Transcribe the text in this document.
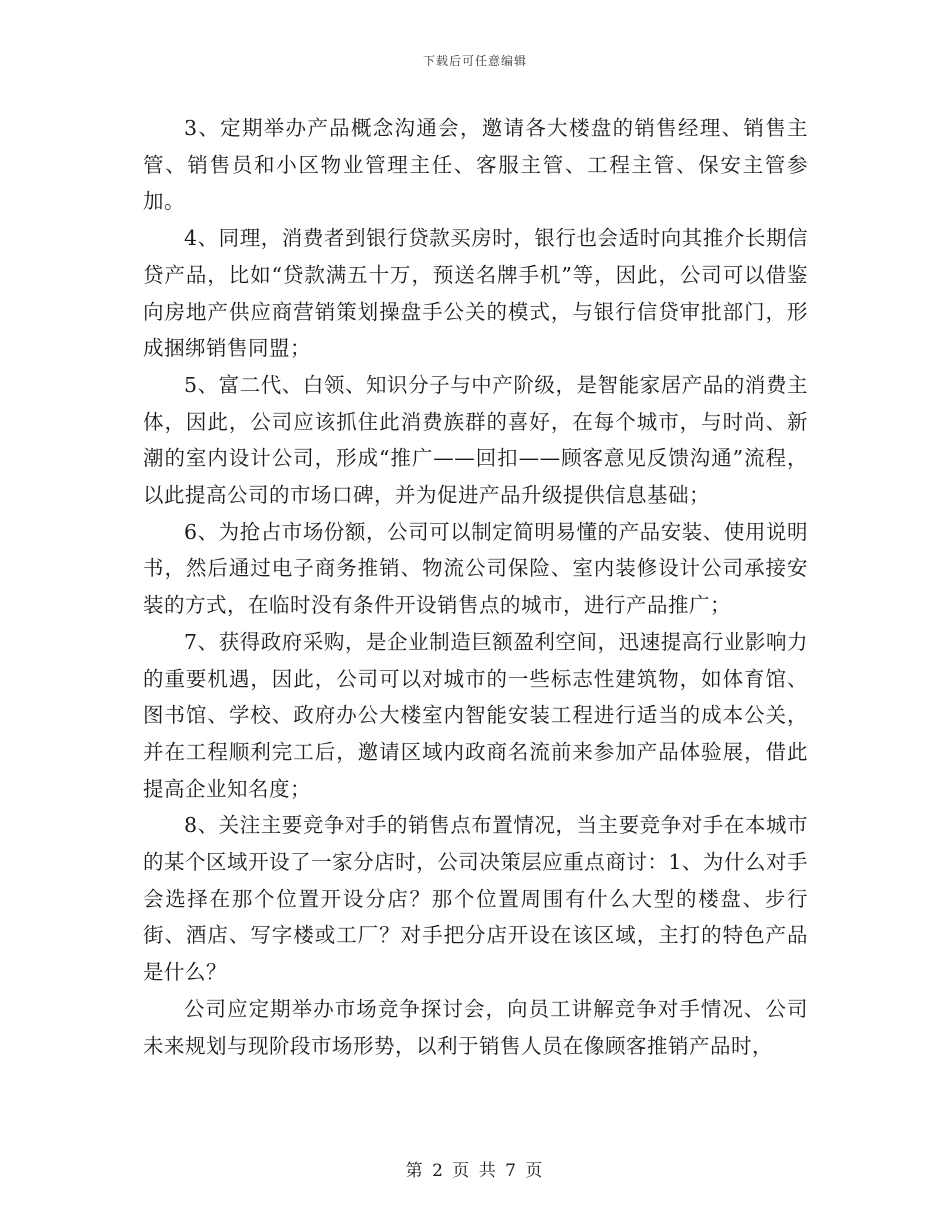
下载后可任意编辑

3、定期举办产品概念沟通会，邀请各大楼盘的销售经理、销售主管、销售员和小区物业管理主任、客服主管、工程主管、保安主管参加。

4、同理，消费者到银行贷款买房时，银行也会适时向其推介长期信贷产品，比如“贷款满五十万，预送名牌手机”等，因此，公司可以借鉴向房地产供应商营销策划操盘手公关的模式，与银行信贷审批部门，形成捆绑销售同盟；

5、富二代、白领、知识分子与中产阶级，是智能家居产品的消费主体，因此，公司应该抓住此消费族群的喜好，在每个城市，与时尚、新潮的室内设计公司，形成“推广——回扣——顾客意见反馈沟通”流程，以此提高公司的市场口碑，并为促进产品升级提供信息基础；

6、为抢占市场份额，公司可以制定简明易懂的产品安装、使用说明书，然后通过电子商务推销、物流公司保险、室内装修设计公司承接安装的方式，在临时没有条件开设销售点的城市，进行产品推广；

7、获得政府采购，是企业制造巨额盈利空间，迅速提高行业影响力的重要机遇，因此，公司可以对城市的一些标志性建筑物，如体育馆、图书馆、学校、政府办公大楼室内智能安装工程进行适当的成本公关，并在工程顺利完工后，邀请区域内政商名流前来参加产品体验展，借此提高企业知名度；

8、关注主要竞争对手的销售点布置情况，当主要竞争对手在本城市的某个区域开设了一家分店时，公司决策层应重点商讨：1、为什么对手会选择在那个位置开设分店？那个位置周围有什么大型的楼盘、步行街、酒店、写字楼或工厂？对手把分店开设在该区域，主打的特色产品是什么？

公司应定期举办市场竞争探讨会，向员工讲解竞争对手情况、公司未来规划与现阶段市场形势，以利于销售人员在像顾客推销产品时，

第 2 页 共 7 页
